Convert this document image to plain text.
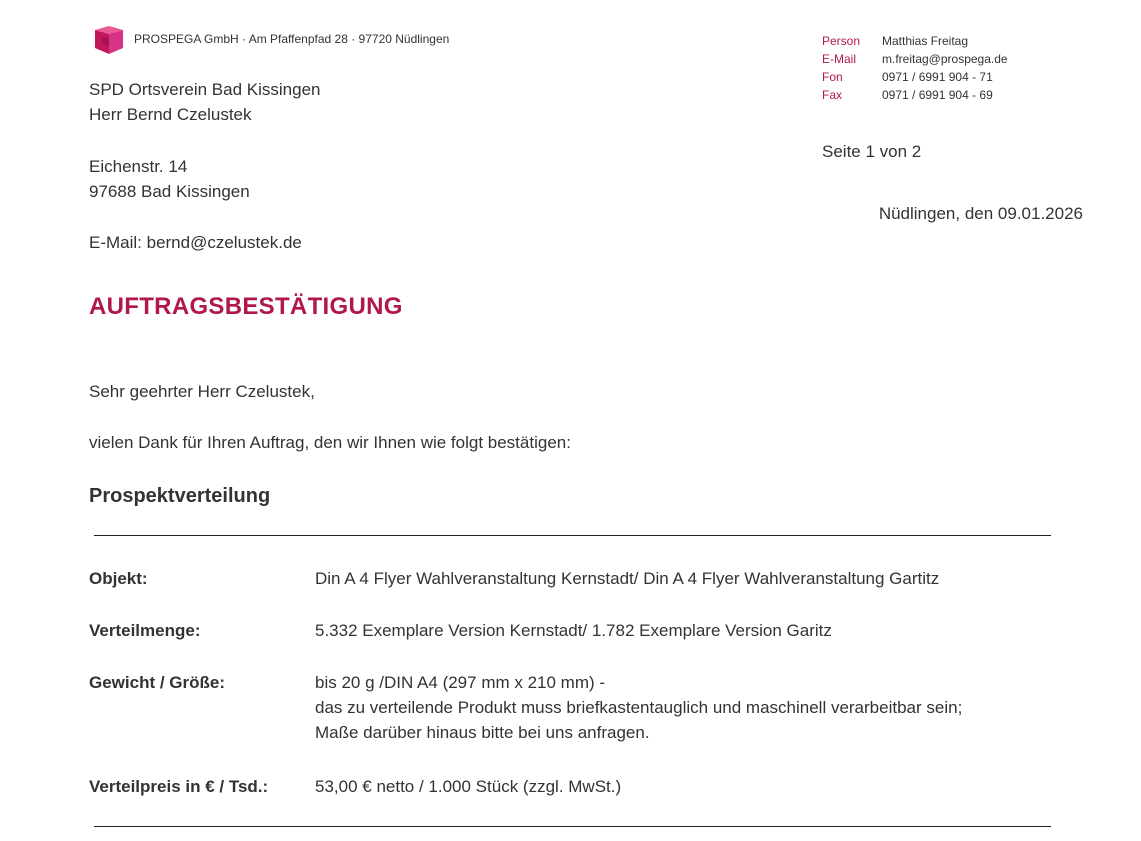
PROSPEGA GmbH · Am Pfaffenpfad 28 · 97720 Nüdlingen	Person	Matthias Freitag
E-Mail	m.freitag@prospega.de
Fon	0971 / 6991 904 - 71
Fax	0971 / 6991 904 - 69
Seite 1 von 2
Nüdlingen, den 09.01.2026
SPD Ortsverein Bad Kissingen
Herr Bernd Czelustek
Eichenstr. 14
97688 Bad Kissingen
E-Mail: bernd@czelustek.de
AUFTRAGSBESTÄTIGUNG
Sehr geehrter Herr Czelustek,
vielen Dank für Ihren Auftrag, den wir Ihnen wie folgt bestätigen:
Prospektverteilung
Objekt:	Din A 4 Flyer Wahlveranstaltung Kernstadt/ Din A 4 Flyer Wahlveranstaltung Gartitz
Verteilmenge:	5.332 Exemplare Version Kernstadt/ 1.782 Exemplare Version Garitz
Gewicht / Größe:	bis 20 g /DIN A4 (297 mm x 210 mm) -
das zu verteilende Produkt muss briefkastentauglich und maschinell verarbeitbar sein;
Maße darüber hinaus bitte bei uns anfragen.
Verteilpreis in € / Tsd.:	53,00 € netto / 1.000 Stück (zzgl. MwSt.)
